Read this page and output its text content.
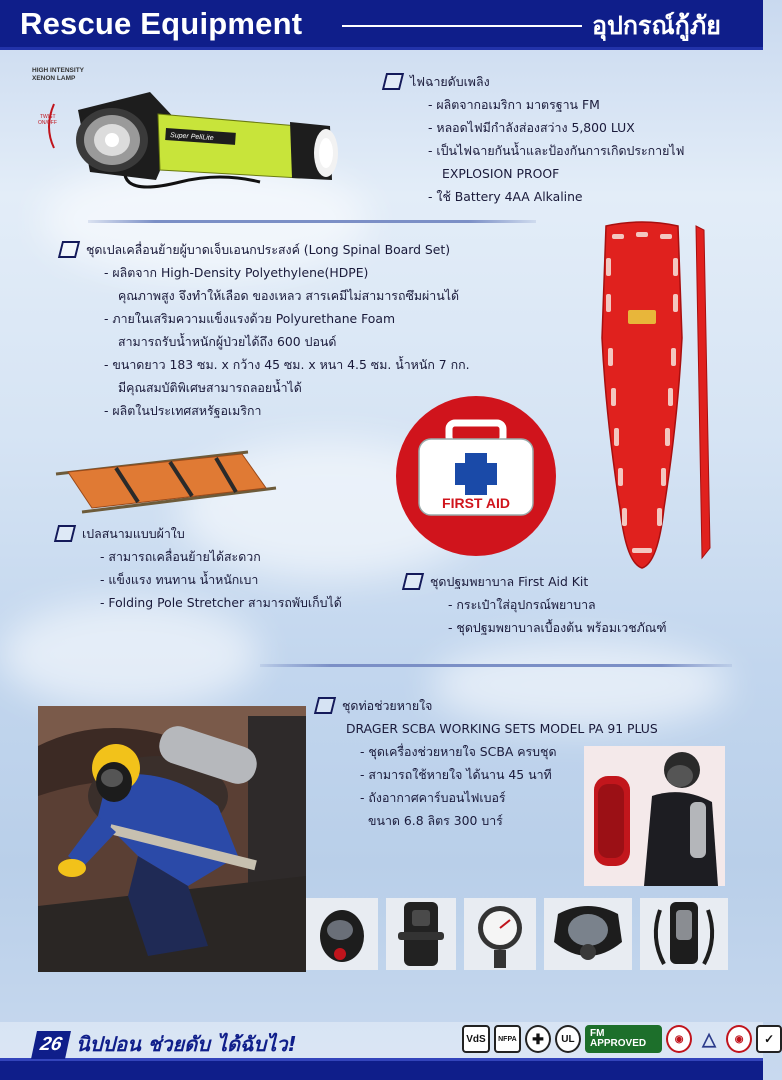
Rescue Equipment	อุปกรณ์กู้ภัย
HIGH INTENSITY XENON LAMP
TWIST ON/OFF
Super PeliLite
ไฟฉายดับเพลิง
- ผลิตจากอเมริกา มาตรฐาน FM
- หลอดไฟมีกำลังส่องสว่าง 5,800 LUX
- เป็นไฟฉายกันน้ำและป้องกันการเกิดประกายไฟ
EXPLOSION PROOF
- ใช้ Battery 4AA Alkaline
ชุดเปลเคลื่อนย้ายผู้บาดเจ็บเอนกประสงค์ (Long Spinal Board Set)
- ผลิตจาก High-Density Polyethylene(HDPE)
คุณภาพสูง จึงทำให้เลือด ของเหลว สารเคมีไม่สามารถซึมผ่านได้
- ภายในเสริมความแข็งแรงด้วย Polyurethane Foam
สามารถรับน้ำหนักผู้ป่วยได้ถึง 600 ปอนด์
- ขนาดยาว 183 ซม. x กว้าง 45 ซม. x หนา 4.5 ซม. น้ำหนัก 7 กก.
มีคุณสมบัติพิเศษสามารถลอยน้ำได้
- ผลิตในประเทศสหรัฐอเมริกา
FIRST AID
เปลสนามแบบผ้าใบ
- สามารถเคลื่อนย้ายได้สะดวก
- แข็งแรง ทนทาน น้ำหนักเบา
- Folding Pole Stretcher สามารถพับเก็บได้
ชุดปฐมพยาบาล First Aid Kit
- กระเป๋าใส่อุปกรณ์พยาบาล
- ชุดปฐมพยาบาลเบื้องต้น พร้อมเวชภัณฑ์
ชุดท่อช่วยหายใจ
DRAGER SCBA WORKING SETS MODEL PA 91 PLUS
- ชุดเครื่องช่วยหายใจ SCBA ครบชุด
- สามารถใช้หายใจ ได้นาน 45 นาที
- ถังอากาศคาร์บอนไฟเบอร์
ขนาด 6.8 ลิตร 300 บาร์
26 นิปปอน ช่วยดับ ได้ฉับไว!	VdS	NFPA	✚	UL	FM APPROVED	◉	△	◉	✓
